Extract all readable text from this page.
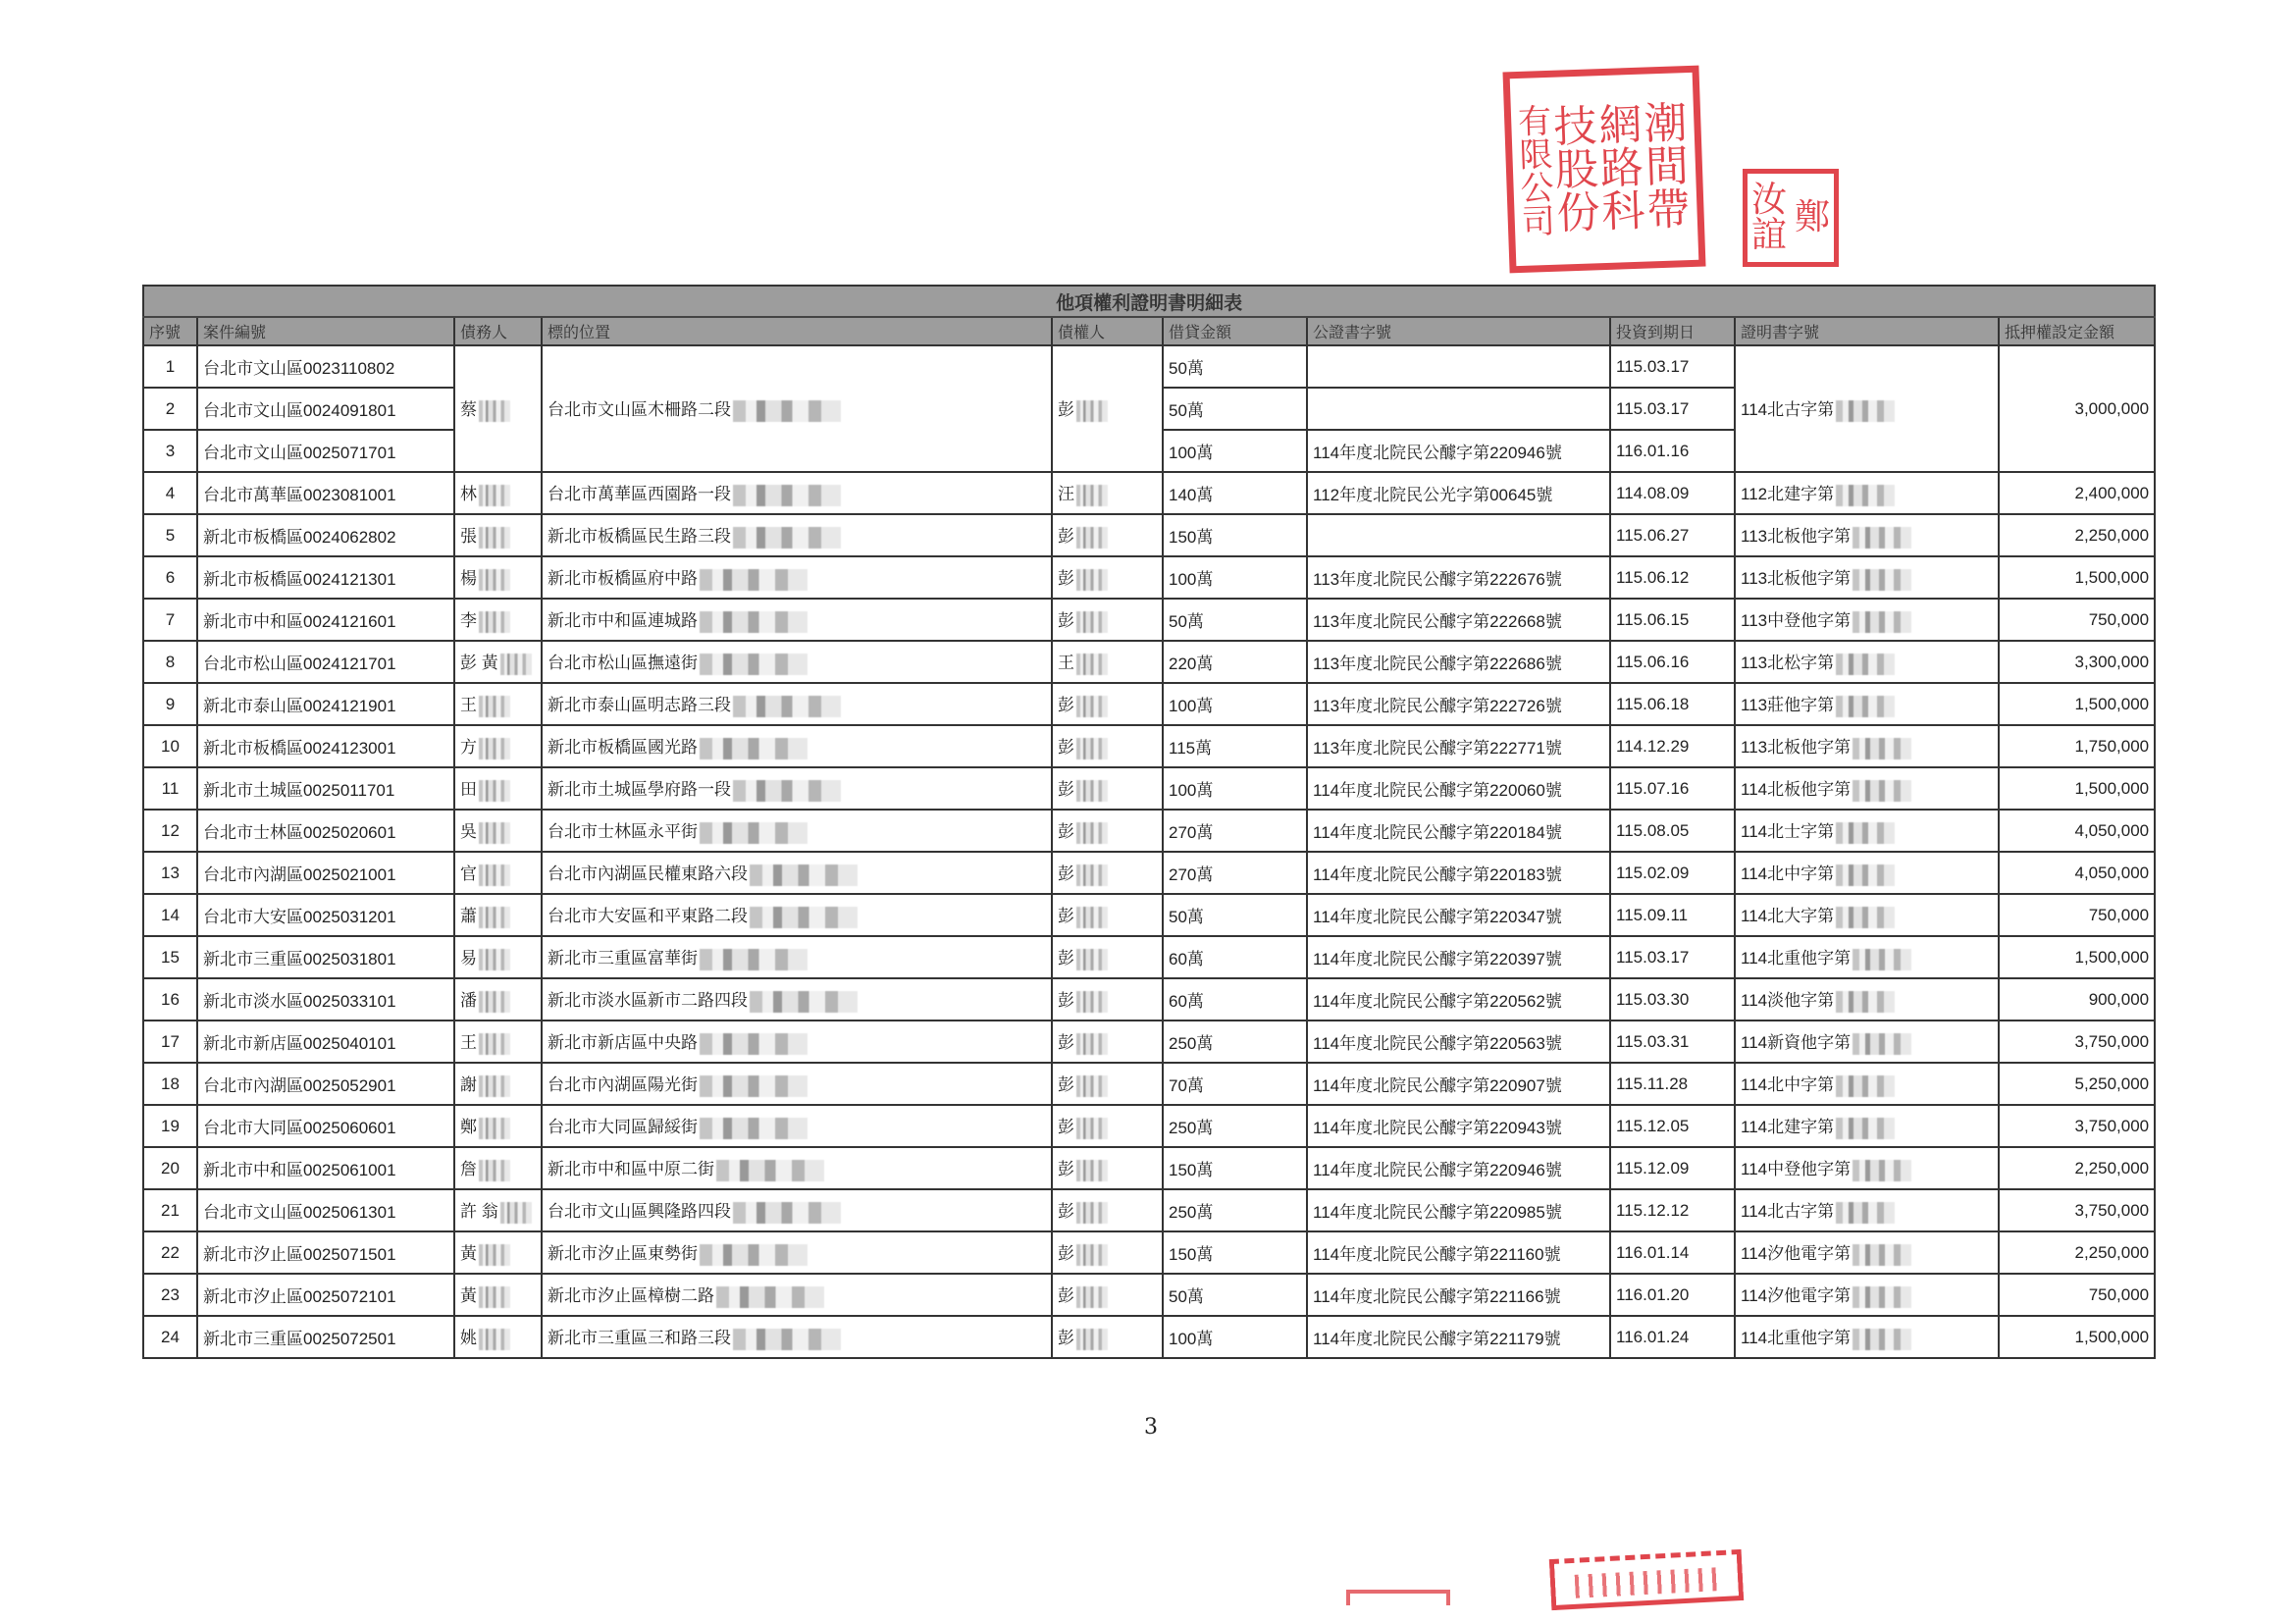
潮
間
帶
網
路
科
技
股
份
有
限
公
司	鄭
汝
誼
他項權利證明書明細表									
序號	案件編號	債務人	標的位置	債權人	借貸金額	公證書字號	投資到期日	證明書字號	抵押權設定金額
1	台北市文山區0023110802	蔡	台北市文山區木柵路二段	彭	50萬		115.03.17	114北古字第	3,000,000
2	台北市文山區0024091801				50萬		115.03.17		
3	台北市文山區0025071701				100萬	114年度北院民公醵字第220946號	116.01.16		
4	台北市萬華區0023081001	林	台北市萬華區西園路一段	汪	140萬	112年度北院民公光字第00645號	114.08.09	112北建字第	2,400,000
5	新北市板橋區0024062802	張	新北市板橋區民生路三段	彭	150萬		115.06.27	113北板他字第	2,250,000
6	新北市板橋區0024121301	楊	新北市板橋區府中路	彭	100萬	113年度北院民公醵字第222676號	115.06.12	113北板他字第	1,500,000
7	新北市中和區0024121601	李	新北市中和區連城路	彭	50萬	113年度北院民公醵字第222668號	115.06.15	113中登他字第	750,000
8	台北市松山區0024121701	彭 黃	台北市松山區撫遠街	王	220萬	113年度北院民公醵字第222686號	115.06.16	113北松字第	3,300,000
9	新北市泰山區0024121901	王	新北市泰山區明志路三段	彭	100萬	113年度北院民公醵字第222726號	115.06.18	113莊他字第	1,500,000
10	新北市板橋區0024123001	方	新北市板橋區國光路	彭	115萬	113年度北院民公醵字第222771號	114.12.29	113北板他字第	1,750,000
11	新北市土城區0025011701	田	新北市土城區學府路一段	彭	100萬	114年度北院民公醵字第220060號	115.07.16	114北板他字第	1,500,000
12	台北市士林區0025020601	吳	台北市士林區永平街	彭	270萬	114年度北院民公醵字第220184號	115.08.05	114北士字第	4,050,000
13	台北市內湖區0025021001	官	台北市內湖區民權東路六段	彭	270萬	114年度北院民公醵字第220183號	115.02.09	114北中字第	4,050,000
14	台北市大安區0025031201	蕭	台北市大安區和平東路二段	彭	50萬	114年度北院民公醵字第220347號	115.09.11	114北大字第	750,000
15	新北市三重區0025031801	易	新北市三重區富華街	彭	60萬	114年度北院民公醵字第220397號	115.03.17	114北重他字第	1,500,000
16	新北市淡水區0025033101	潘	新北市淡水區新市二路四段	彭	60萬	114年度北院民公醵字第220562號	115.03.30	114淡他字第	900,000
17	新北市新店區0025040101	王	新北市新店區中央路	彭	250萬	114年度北院民公醵字第220563號	115.03.31	114新資他字第	3,750,000
18	台北市內湖區0025052901	謝	台北市內湖區陽光街	彭	70萬	114年度北院民公醵字第220907號	115.11.28	114北中字第	5,250,000
19	台北市大同區0025060601	鄭	台北市大同區歸綏街	彭	250萬	114年度北院民公醵字第220943號	115.12.05	114北建字第	3,750,000
20	新北市中和區0025061001	詹	新北市中和區中原二街	彭	150萬	114年度北院民公醵字第220946號	115.12.09	114中登他字第	2,250,000
21	台北市文山區0025061301	許 翁	台北市文山區興隆路四段	彭	250萬	114年度北院民公醵字第220985號	115.12.12	114北古字第	3,750,000
22	新北市汐止區0025071501	黃	新北市汐止區東勢街	彭	150萬	114年度北院民公醵字第221160號	116.01.14	114汐他電字第	2,250,000
23	新北市汐止區0025072101	黃	新北市汐止區樟樹二路	彭	50萬	114年度北院民公醵字第221166號	116.01.20	114汐他電字第	750,000
24	新北市三重區0025072501	姚	新北市三重區三和路三段	彭	100萬	114年度北院民公醵字第221179號	116.01.24	114北重他字第	1,500,000
3
